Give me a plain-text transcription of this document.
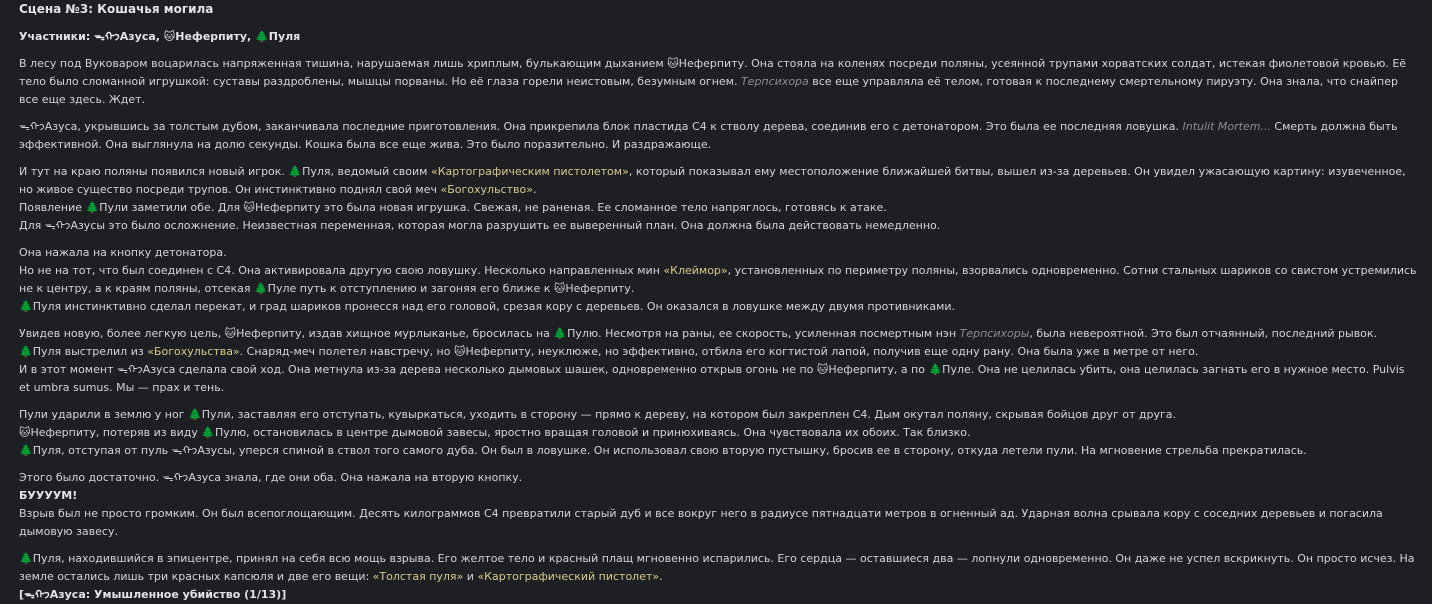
Сцена №3: Кошачья могила
Участники: ᯓᡣ𐭩Азуса, 🐱Неферпиту, 🌲Пуля
В лесу под Вуковаром воцарилась напряженная тишина, нарушаемая лишь хриплым, булькающим дыханием 🐱Неферпиту. Она стояла на коленях посреди поляны, усеянной трупами хорватских солдат, истекая фиолетовой кровью. Её тело было сломанной игрушкой: суставы раздроблены, мышцы порваны. Но её глаза горели неистовым, безумным огнем. Терпсихора все еще управляла её телом, готовая к последнему смертельному пируэту. Она знала, что снайпер все еще здесь. Ждет.
ᯓᡣ𐭩Азуса, укрывшись за толстым дубом, заканчивала последние приготовления. Она прикрепила блок пластида С4 к стволу дерева, соединив его с детонатором. Это была ее последняя ловушка. Intulit Mortem... Смерть должна быть эффективной. Она выглянула на долю секунды. Кошка была все еще жива. Это было поразительно. И раздражающе.
И тут на краю поляны появился новый игрок. 🌲Пуля, ведомый своим «Картографическим пистолетом», который показывал ему местоположение ближайшей битвы, вышел из-за деревьев. Он увидел ужасающую картину: изувеченное, но живое существо посреди трупов. Он инстинктивно поднял свой меч «Богохульство».
Появление 🌲Пули заметили обе. Для 🐱Неферпиту это была новая игрушка. Свежая, не раненая. Ее сломанное тело напряглось, готовясь к атаке.
Для ᯓᡣ𐭩Азусы это было осложнение. Неизвестная переменная, которая могла разрушить ее выверенный план. Она должна была действовать немедленно.
Она нажала на кнопку детонатора.
Но не на тот, что был соединен с С4. Она активировала другую свою ловушку. Несколько направленных мин «Клеймор», установленных по периметру поляны, взорвались одновременно. Сотни стальных шариков со свистом устремились не к центру, а к краям поляны, отсекая 🌲Пуле путь к отступлению и загоняя его ближе к 🐱Неферпиту.
🌲Пуля инстинктивно сделал перекат, и град шариков пронесся над его головой, срезая кору с деревьев. Он оказался в ловушке между двумя противниками.
Увидев новую, более легкую цель, 🐱Неферпиту, издав хищное мурлыканье, бросилась на 🌲Пулю. Несмотря на раны, ее скорость, усиленная посмертным нэн Терпсихоры, была невероятной. Это был отчаянный, последний рывок.
🌲Пуля выстрелил из «Богохульства». Снаряд-меч полетел навстречу, но 🐱Неферпиту, неуклюже, но эффективно, отбила его когтистой лапой, получив еще одну рану. Она была уже в метре от него.
И в этот момент ᯓᡣ𐭩Азуса сделала свой ход. Она метнула из-за дерева несколько дымовых шашек, одновременно открыв огонь не по 🐱Неферпиту, а по 🌲Пуле. Она не целилась убить, она целилась загнать его в нужное место. Pulvis et umbra sumus. Мы — прах и тень.
Пули ударили в землю у ног 🌲Пули, заставляя его отступать, кувыркаться, уходить в сторону — прямо к дереву, на котором был закреплен С4. Дым окутал поляну, скрывая бойцов друг от друга.
🐱Неферпиту, потеряв из виду 🌲Пулю, остановилась в центре дымовой завесы, яростно вращая головой и принюхиваясь. Она чувствовала их обоих. Так близко.
🌲Пуля, отступая от пуль ᯓᡣ𐭩Азусы, уперся спиной в ствол того самого дуба. Он был в ловушке. Он использовал свою вторую пустышку, бросив ее в сторону, откуда летели пули. На мгновение стрельба прекратилась.
Этого было достаточно. ᯓᡣ𐭩Азуса знала, где они оба. Она нажала на вторую кнопку.
БУУУУМ!
Взрыв был не просто громким. Он был всепоглощающим. Десять килограммов С4 превратили старый дуб и все вокруг него в радиусе пятнадцати метров в огненный ад. Ударная волна срывала кору с соседних деревьев и погасила дымовую завесу.
🌲Пуля, находившийся в эпицентре, принял на себя всю мощь взрыва. Его желтое тело и красный плащ мгновенно испарились. Его сердца — оставшиеся два — лопнули одновременно. Он даже не успел вскрикнуть. Он просто исчез. На земле остались лишь три красных капсюля и две его вещи: «Толстая пуля» и «Картографический пистолет».
[ᯓᡣ𐭩Азуса: Умышленное убийство (1/13)]
